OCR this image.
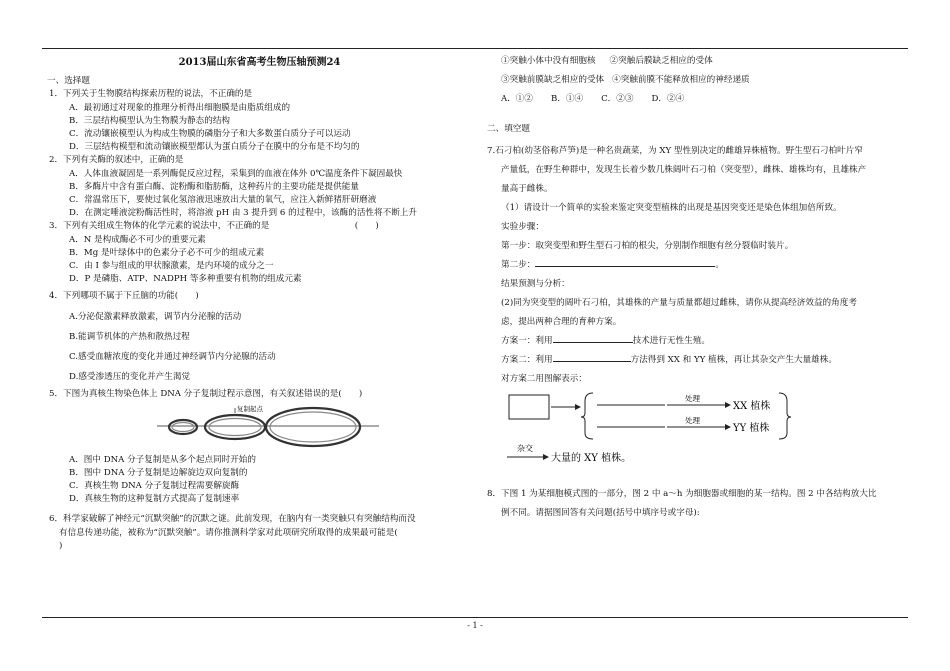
2013届山东省高考生物压轴预测24
一、选择题
1．下列关于生物膜结构探索历程的说法，不正确的是
A．最初通过对现象的推理分析得出细胞膜是由脂质组成的
B．三层结构模型认为生物膜为静态的结构
C．流动镶嵌模型认为构成生物膜的磷脂分子和大多数蛋白质分子可以运动
D．三层结构模型和流动镶嵌模型都认为蛋白质分子在膜中的分布是不均匀的
2．下列有关酶的叙述中，正确的是
A．人体血液凝固是一系列酶促反应过程，采集到的血液在体外 0℃温度条件下凝固最快
B．多酶片中含有蛋白酶、淀粉酶和脂肪酶，这种药片的主要功能是提供能量
C．常温常压下，要使过氧化氢溶液迅速放出大量的氧气，应注入新鲜猪肝研磨液
D．在测定唾液淀粉酶活性时，将溶液 pH 由 3 提升到 6 的过程中，该酶的活性将不断上升
3．下列有关组成生物体的化学元素的说法中，不正确的是	(　　)
A．N 是构成酶必不可少的重要元素
B．Mg 是叶绿体中的色素分子必不可少的组成元素
C．由 I 参与组成的甲状腺激素，是内环境的成分之一
D．P 是磷脂、ATP、NADPH 等多种重要有机物的组成元素
4．下列哪项不属于下丘脑的功能(　　)
A.分泌促激素释放激素，调节内分泌腺的活动
B.能调节机体的产热和散热过程
C.感受血糖浓度的变化并通过神经调节内分泌腺的活动
D.感受渗透压的变化并产生渴觉
5．下图为真核生物染色体上 DNA 分子复制过程示意图，有关叙述错误的是(　　)
复制起点
A．图中 DNA 分子复制是从多个起点同时开始的
B．图中 DNA 分子复制是边解旋边双向复制的
C．真核生物 DNA 分子复制过程需要解旋酶
D．真核生物的这种复制方式提高了复制速率
6．科学家破解了神经元“沉默突触”的沉默之谜。此前发现，在脑内有一类突触只有突触结构而没
有信息传递功能，被称为“沉默突触”。请你推测科学家对此项研究所取得的成果最可能是(
)
①突触小体中没有细胞核 ②突触后膜缺乏相应的受体
③突触前膜缺乏相应的受体 ④突触前膜不能释放相应的神经递质
A．①② B．①④ C．②③ D．②④
二、填空题
7.石刁柏(幼茎俗称芦笋)是一种名贵蔬菜，为 XY 型性别决定的雌雄异株植物。野生型石刁柏叶片窄
产量低，在野生种群中，发现生长着少数几株阔叶石刁柏（突变型），雌株、雄株均有，且雄株产
量高于雌株。
（1）请设计一个简单的实验来鉴定突变型植株的出现是基因突变还是染色体组加倍所致。
实验步骤：
第一步：取突变型和野生型石刁柏的根尖，分别制作细胞有丝分裂临时装片。
第二步：	。
结果预测与分析：
(2)同为突变型的阔叶石刁柏，其雄株的产量与质量都超过雌株，请你从提高经济效益的角度考
虑，提出两种合理的育种方案。
方案一：利用	技术进行无性生殖。
方案二：利用	方法得到 XX 和 YY 植株，再让其杂交产生大量雄株。
对方案二用图解表示：
处理
处理
XX 植株
YY 植株
杂交
大量的 XY 植株。
8．下图 1 为某细胞模式图的一部分，图 2 中 a～h 为细胞器或细胞的某一结构。图 2 中各结构放大比
例不同。请据图回答有关问题(括号中填序号或字母):
- 1 -
